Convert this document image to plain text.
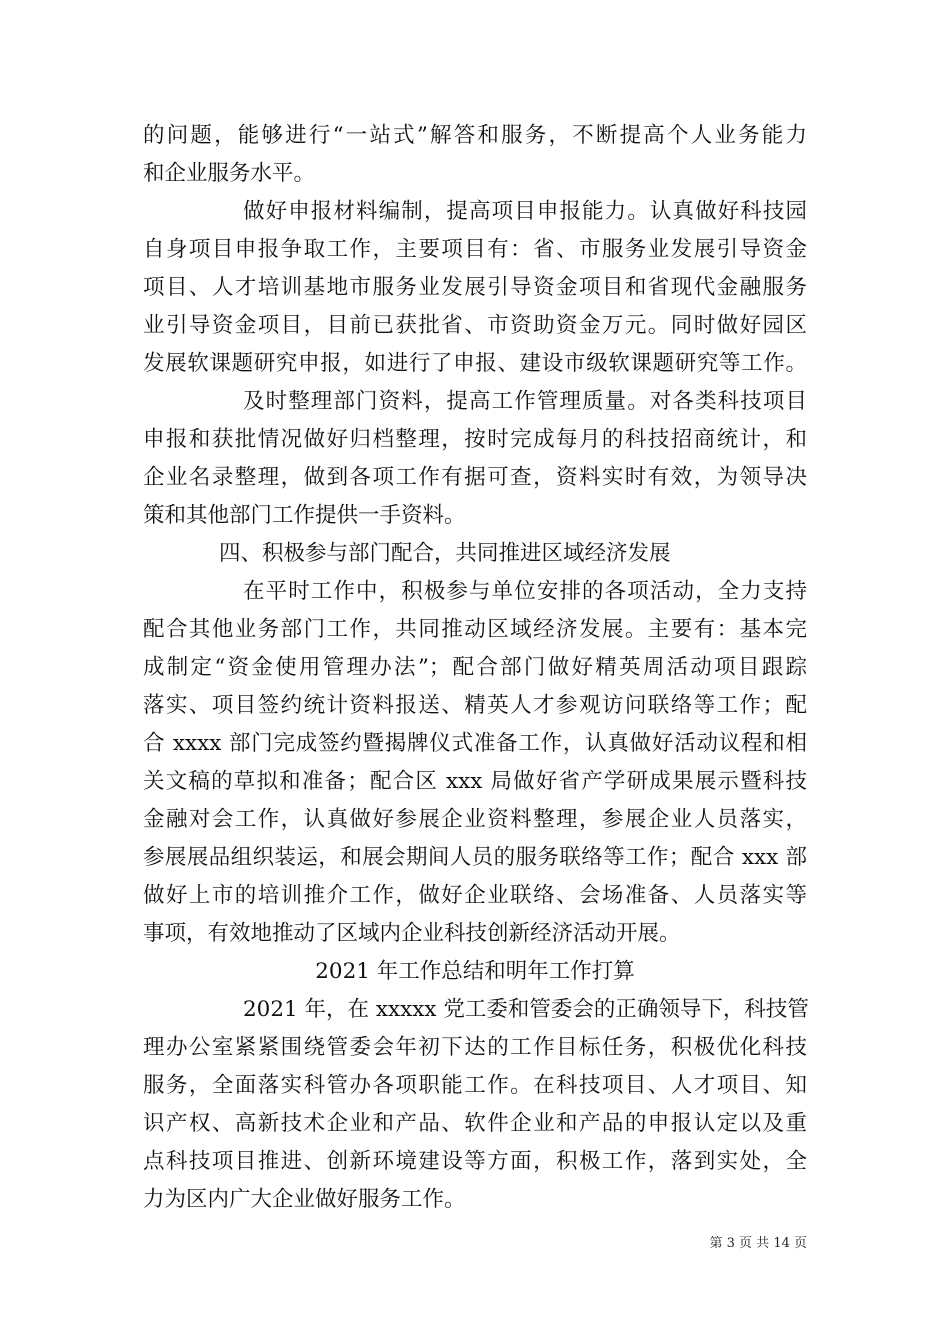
的问题，能够进行“一站式”解答和服务，不断提高个人业务能力
和企业服务水平。
做好申报材料编制，提高项目申报能力。认真做好科技园
自身项目申报争取工作，主要项目有：省、市服务业发展引导资金
项目、人才培训基地市服务业发展引导资金项目和省现代金融服务
业引导资金项目，目前已获批省、市资助资金万元。同时做好园区
发展软课题研究申报，如进行了申报、建设市级软课题研究等工作。
及时整理部门资料，提高工作管理质量。对各类科技项目
申报和获批情况做好归档整理，按时完成每月的科技招商统计，和
企业名录整理，做到各项工作有据可查，资料实时有效，为领导决
策和其他部门工作提供一手资料。
四、积极参与部门配合，共同推进区域经济发展
在平时工作中，积极参与单位安排的各项活动，全力支持
配合其他业务部门工作，共同推动区域经济发展。主要有：基本完
成制定“资金使用管理办法”；配合部门做好精英周活动项目跟踪
落实、项目签约统计资料报送、精英人才参观访问联络等工作；配
合 xxxx 部门完成签约暨揭牌仪式准备工作，认真做好活动议程和相
关文稿的草拟和准备；配合区 xxx 局做好省产学研成果展示暨科技
金融对会工作，认真做好参展企业资料整理，参展企业人员落实，
参展展品组织装运，和展会期间人员的服务联络等工作；配合 xxx 部
做好上市的培训推介工作，做好企业联络、会场准备、人员落实等
事项，有效地推动了区域内企业科技创新经济活动开展。
2021 年工作总结和明年工作打算
2021 年，在 xxxxx 党工委和管委会的正确领导下，科技管
理办公室紧紧围绕管委会年初下达的工作目标任务，积极优化科技
服务，全面落实科管办各项职能工作。在科技项目、人才项目、知
识产权、高新技术企业和产品、软件企业和产品的申报认定以及重
点科技项目推进、创新环境建设等方面，积极工作，落到实处，全
力为区内广大企业做好服务工作。
第 3 页 共 14 页
